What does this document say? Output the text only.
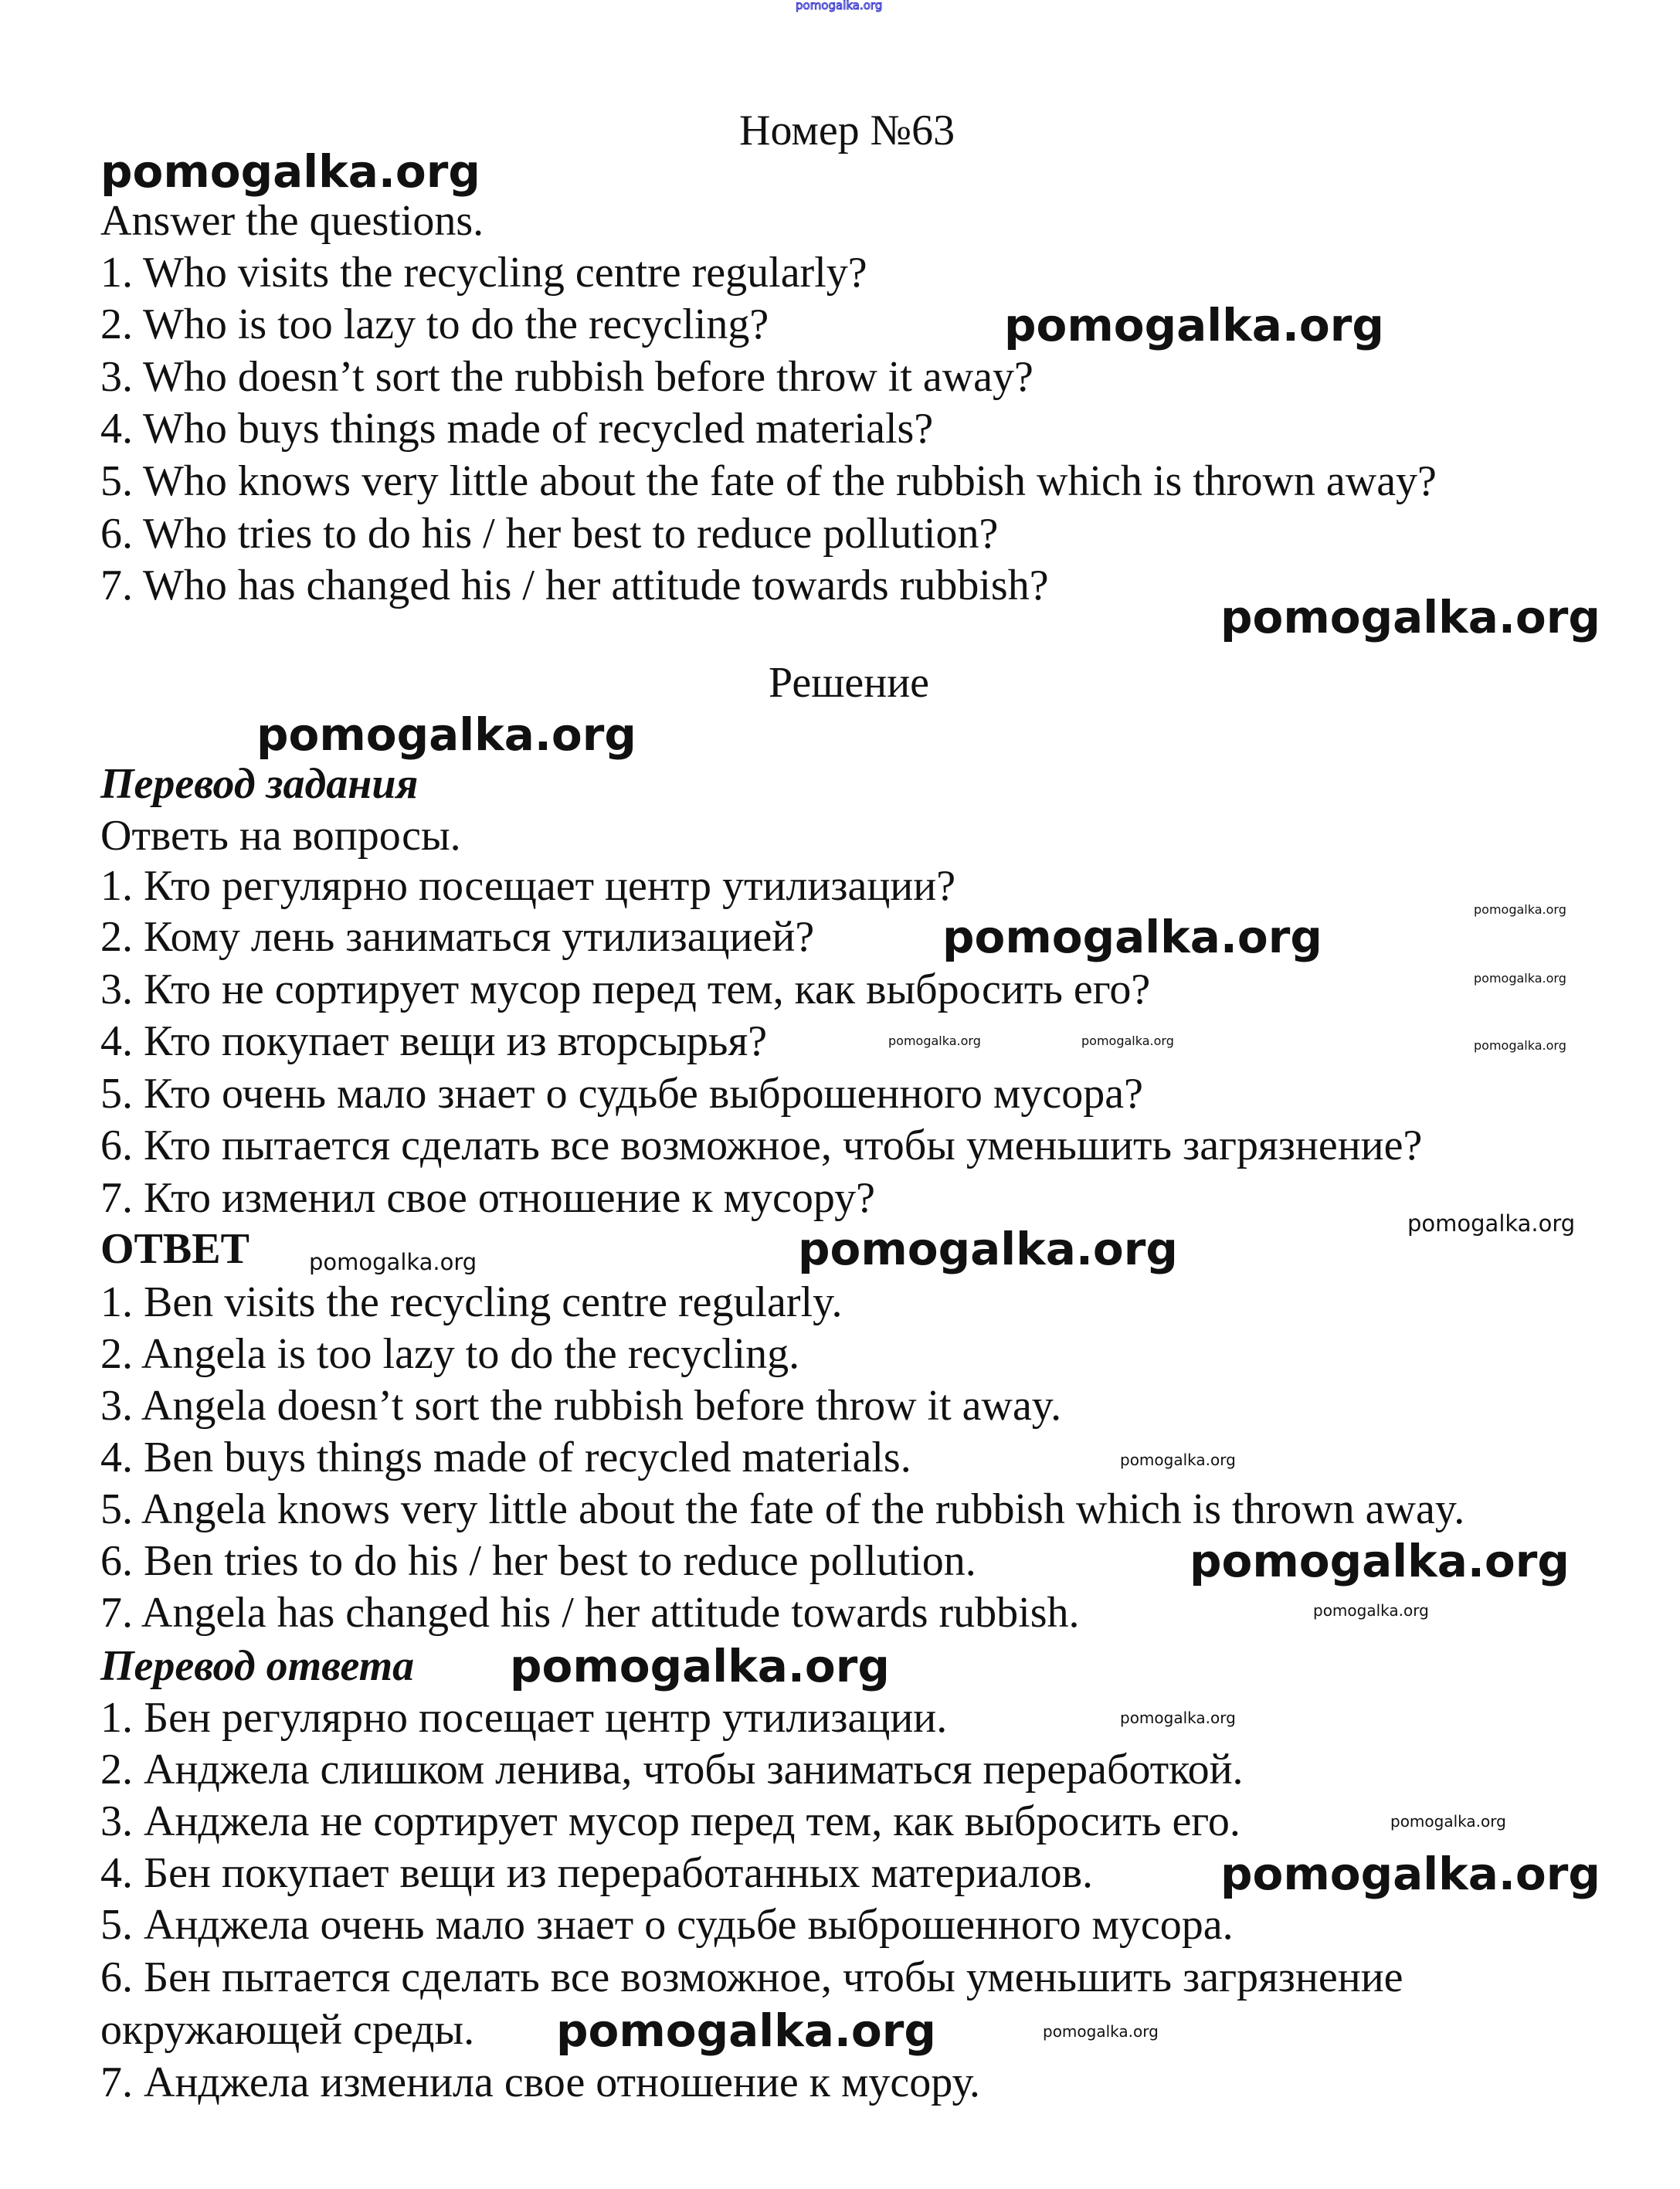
pomogalka.org
Номер №63
Answer the questions.
1. Who visits the recycling centre regularly?
2. Who is too lazy to do the recycling?
3. Who doesn’t sort the rubbish before throw it away?
4. Who buys things made of recycled materials?
5. Who knows very little about the fate of the rubbish which is thrown away?
6. Who tries to do his / her best to reduce pollution?
7. Who has changed his / her attitude towards rubbish?
Решение
Перевод задания
Ответь на вопросы.
1. Кто регулярно посещает центр утилизации?
2. Кому лень заниматься утилизацией?
3. Кто не сортирует мусор перед тем, как выбросить его?
4. Кто покупает вещи из вторсырья?
5. Кто очень мало знает о судьбе выброшенного мусора?
6. Кто пытается сделать все возможное, чтобы уменьшить загрязнение?
7. Кто изменил свое отношение к мусору?
ОТВЕТ
1. Ben visits the recycling centre regularly.
2. Angela is too lazy to do the recycling.
3. Angela doesn’t sort the rubbish before throw it away.
4. Ben buys things made of recycled materials.
5. Angela knows very little about the fate of the rubbish which is thrown away.
6. Ben tries to do his / her best to reduce pollution.
7. Angela has changed his / her attitude towards rubbish.
Перевод ответа
1. Бен регулярно посещает центр утилизации.
2. Анджела слишком ленива, чтобы заниматься переработкой.
3. Анджела не сортирует мусор перед тем, как выбросить его.
4. Бен покупает вещи из переработанных материалов.
5. Анджела очень мало знает о судьбе выброшенного мусора.
6. Бен пытается сделать все возможное, чтобы уменьшить загрязнение
окружающей среды.
7. Анджела изменила свое отношение к мусору.
pomogalka.org
pomogalka.org
pomogalka.org
pomogalka.org
pomogalka.org
pomogalka.org
pomogalka.org
pomogalka.org
pomogalka.org
pomogalka.org
pomogalka.org
pomogalka.org
pomogalka.org
pomogalka.org	pomogalka.org
pomogalka.org
pomogalka.org
pomogalka.org
pomogalka.org
pomogalka.org
pomogalka.org
pomogalka.org
